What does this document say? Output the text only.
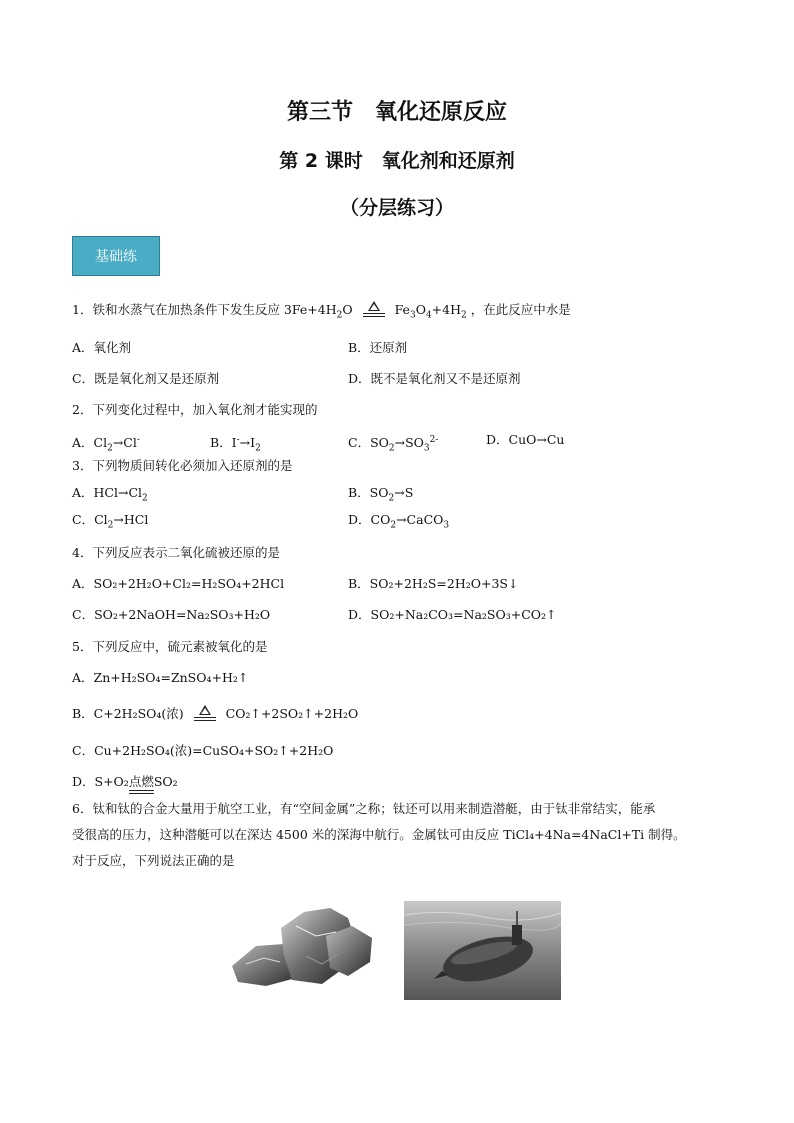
第三节　氧化还原反应
第 2 课时　氧化剂和还原剂
（分层练习）
基础练
1．铁和水蒸气在加热条件下发生反应 $3Fe+4H_2O$	$Fe_3O_4+4H_2$ ，在此反应中水是
A．氧化剂	B．还原剂
C．既是氧化剂又是还原剂	D．既不是氧化剂又不是还原剂
2．下列变化过程中，加入氧化剂才能实现的
A．$Cl_2\to Cl^-$	B．$I^-\to I_2$	C．$SO_2\to SO_3^{2-}$	D．CuO→Cu
3．下列物质间转化必须加入还原剂的是
A．$HCl\to Cl_2$	B．$SO_2\to S$
C．$Cl_2\to HCl$	D．$CO_2\to CaCO_3$
4．下列反应表示二氧化硫被还原的是
A．SO₂+2H₂O+Cl₂=H₂SO₄+2HCl	B．SO₂+2H₂S=2H₂O+3S↓
C．SO₂+2NaOH=Na₂SO₃+H₂O	D．SO₂+Na₂CO₃=Na₂SO₃+CO₂↑
5．下列反应中，硫元素被氧化的是
A．Zn+H₂SO₄=ZnSO₄+H₂↑
B．C+2H₂SO₄(浓)	CO₂↑+2SO₂↑+2H₂O
C．Cu+2H₂SO₄(浓)=CuSO₄+SO₂↑+2H₂O
D．S+O₂点燃
SO₂
6．钛和钛的合金大量用于航空工业，有“空间金属”之称；钛还可以用来制造潜艇，由于钛非常结实，能承
受很高的压力，这种潜艇可以在深达 4500 米的深海中航行。金属钛可由反应 TiCl₄+4Na=4NaCl+Ti 制得。
对于反应，下列说法正确的是
